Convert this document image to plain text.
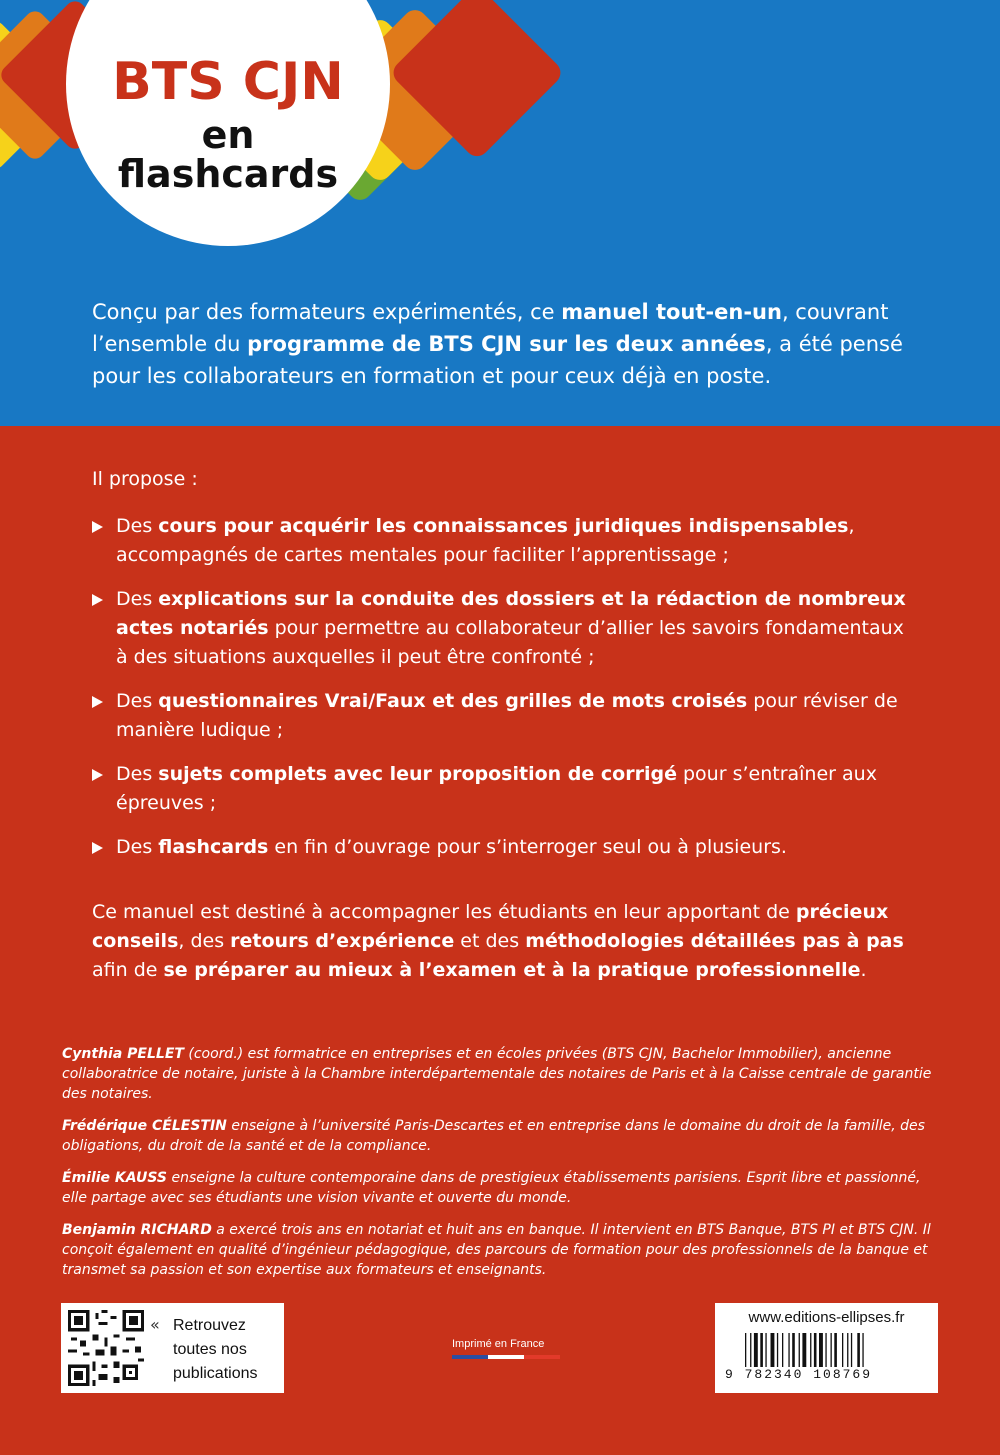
BTS CJN
en
flashcards
Conçu par des formateurs expérimentés, ce manuel tout-en-un, couvrant l’ensemble du programme de BTS CJN sur les deux années, a été pensé pour les collaborateurs en formation et pour ceux déjà en poste.
Il propose :
Des cours pour acquérir les connaissances juridiques indispensables, accompagnés de cartes mentales pour faciliter l’apprentissage ;
Des explications sur la conduite des dossiers et la rédaction de nombreux actes notariés pour permettre au collaborateur d’allier les savoirs fondamentaux à des situations auxquelles il peut être confronté ;
Des questionnaires Vrai/Faux et des grilles de mots croisés pour réviser de manière ludique ;
Des sujets complets avec leur proposition de corrigé pour s’entraîner aux épreuves ;
Des flashcards en fin d’ouvrage pour s’interroger seul ou à plusieurs.
Ce manuel est destiné à accompagner les étudiants en leur apportant de précieux conseils, des retours d’expérience et des méthodologies détaillées pas à pas afin de se préparer au mieux à l’examen et à la pratique professionnelle.
Cynthia PELLET (coord.) est formatrice en entreprises et en écoles privées (BTS CJN, Bachelor Immobilier), ancienne collaboratrice de notaire, juriste à la Chambre interdépartementale des notaires de Paris et à la Caisse centrale de garantie des notaires.
Frédérique CÉLESTIN enseigne à l’université Paris-Descartes et en entreprise dans le domaine du droit de la famille, des obligations, du droit de la santé et de la compliance.
Émilie KAUSS enseigne la culture contemporaine dans de prestigieux établissements parisiens. Esprit libre et passionné, elle partage avec ses étudiants une vision vivante et ouverte du monde.
Benjamin RICHARD a exercé trois ans en notariat et huit ans en banque. Il intervient en BTS Banque, BTS PI et BTS CJN. Il conçoit également en qualité d’ingénieur pédagogique, des parcours de formation pour des professionnels de la banque et transmet sa passion et son expertise aux formateurs et enseignants.
« Retrouvez
toutes nos
publications
Imprimé en France
www.editions-ellipses.fr
9 782340 108769
